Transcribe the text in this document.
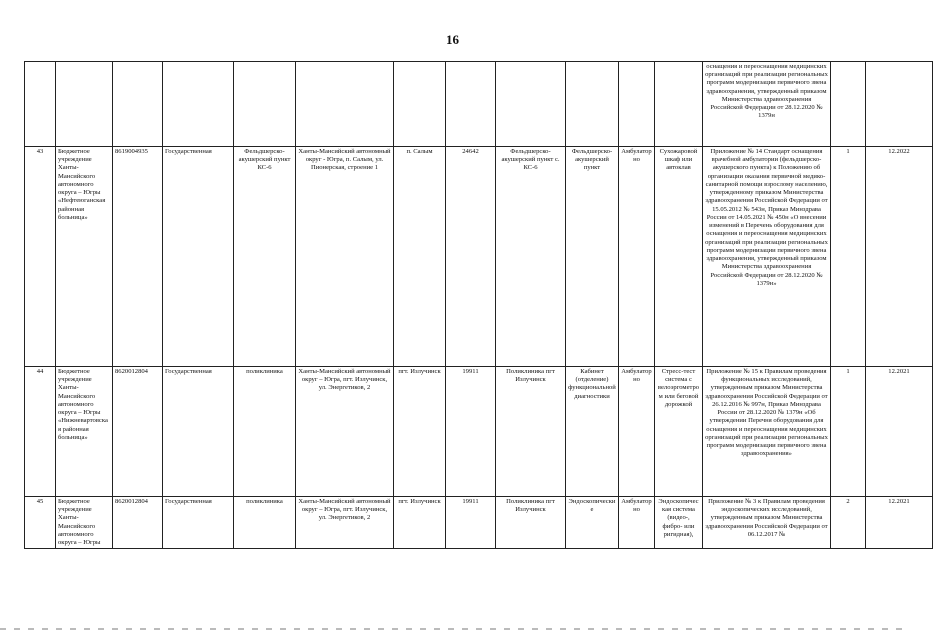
16
												оснащения и переоснащения медицинских организаций при реализации региональных программ модернизации первичного звена здравоохранения, утвержденный приказом Министерства здравоохранения Российской Федерации от 28.12.2020 № 1379н		
43	Бюджетное учреждение Ханты-Мансийского автономного округа – Югры «Нефтеюганская районная больница»	8619004935	Государственная	Фельдшерско-акушерский пункт КС-6	Ханты-Мансийский автономный округ - Югра, п. Салым, ул. Пионерская, строение 1	п. Салым	24642	Фельдшерско-акушерский пункт с. КС-6	Фельдшерско-акушерский пункт	Амбулаторно	Сухожаровой шкаф или автоклав	Приложение № 14 Стандарт оснащения врачебной амбулатории (фельдшерско-акушерского пункта) к Положению об организации оказания первичной медико-санитарной помощи взрослому населению, утвержденному приказом Министерства здравоохранения Российской Федерации от 15.05.2012 № 543н, Приказ Минздрава России от 14.05.2021 № 450н «О внесении изменений в Перечень оборудования для оснащения и переоснащения медицинских организаций при реализации региональных программ модернизации первичного звена здравоохранения, утвержденный приказом Министерства здравоохранения Российской Федерации от 28.12.2020 № 1379н»	1	12.2022
44	Бюджетное учреждение Ханты-Мансийского автономного округа – Югры «Нижневартовская районная больница»	8620012804	Государственная	поликлиника	Ханты-Мансийский автономный округ – Югра, пгт. Излучинск, ул. Энергетиков, 2	пгт. Излучинск	19911	Поликлиника пгт Излучинск	Кабинет (отделение) функциональной диагностики	Амбулаторно	Стресс-тест система с велоэргометром или беговой дорожкой	Приложение № 15 к Правилам проведения функциональных исследований, утвержденным приказом Министерства здравоохранения Российской Федерации от 26.12.2016 № 997н, Приказ Минздрава России от 28.12.2020 № 1379н «Об утверждении Перечня оборудования для оснащения и переоснащения медицинских организаций при реализации региональных программ модернизации первичного звена здравоохранения»	1	12.2021
45	Бюджетное учреждение Ханты-Мансийского автономного округа – Югры	8620012804	Государственная	поликлиника	Ханты-Мансийский автономный округ – Югра, пгт. Излучинск, ул. Энергетиков, 2	пгт. Излучинск	19911	Поликлиника пгт Излучинск	Эндоскопические	Амбулаторно	Эндоскопическая система (видео-, фибро- или ригидная),	Приложение № 3 к Правилам проведения эндоскопических исследований, утвержденным приказом Министерства здравоохранения Российской Федерации от 06.12.2017 №	2	12.2021
